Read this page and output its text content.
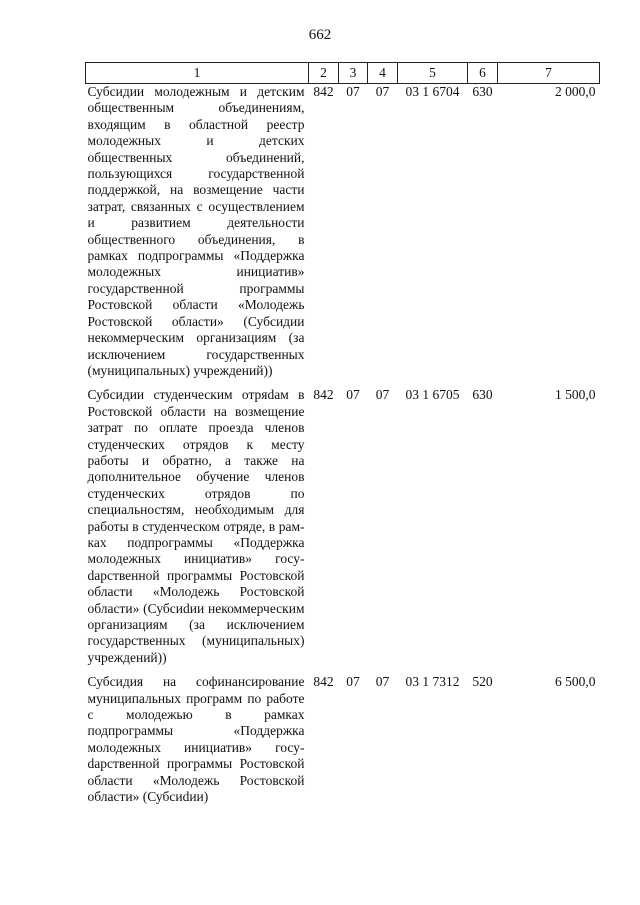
662
1	2	3	4	5	6	7
Субсидии молодежным и детским общественным объединениям, входящим в областной реестр молодежных и детских общественных объединений, пользующихся государственной поддержкой, на возмещение части затрат, связанных с осуществлением и развитием деятельности общественного объединения, в рамках подпрограммы «Поддержка молодежных инициатив» государственной программы Ростовской области «Молодежь Ростовской области» (Субсидии некоммерческим организациям (за исключением государственных (муниципальных) учреждений))	842	07	07	03 1 6704	630	2 000,0
Субсидии студенческим отряdам в Ростовской области на возмещение затрат по оплате проезда членов студенческих отрядов к месту работы и обратно, а также на дополнительное обучение членов студенческих отрядов по специальностям, необходимым для работы в студенческом отряде, в рамках подпрограммы «Поддержка молодежных инициатив» госуdарственной программы Ростовской области «Молодежь Ростовской области» (Субсиdии некоммерческим организациям (за исключением государственных (муниципальных) учреждений))	842	07	07	03 1 6705	630	1 500,0
Субсидия на софинансирование муниципальных программ по работе с молодежью в рамках подпрограммы «Поддержка молодежных инициатив» госуdарственной программы Ростовской области «Молодежь Ростовской области» (Субсиdии)	842	07	07	03 1 7312	520	6 500,0
